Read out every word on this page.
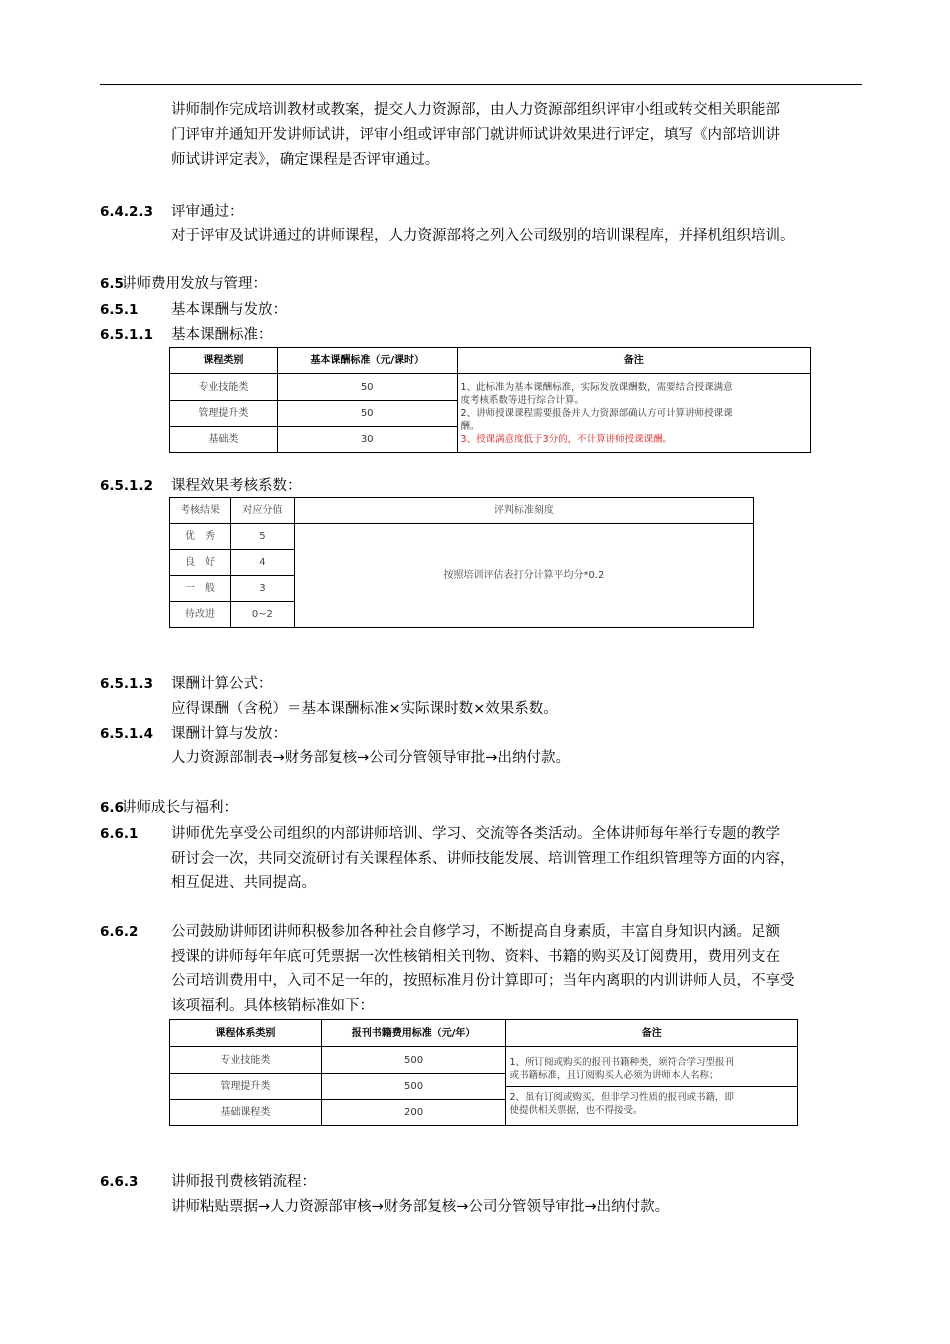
讲师制作完成培训教材或教案，提交人力资源部，由人力资源部组织评审小组或转交相关职能部
门评审并通知开发讲师试讲，评审小组或评审部门就讲师试讲效果进行评定，填写《内部培训讲
师试讲评定表》，确定课程是否评审通过。
6.4.2.3 评审通过：
对于评审及试讲通过的讲师课程，人力资源部将之列入公司级别的培训课程库，并择机组织培训。
6.5
讲师费用发放与管理：
6.5.1 基本课酬与发放：
6.5.1.1 基本课酬标准：
课程类别	基本课酬标准（元/课时）	备注
专业技能类	50	1、此标准为基本课酬标准，实际发放课酬数，需要结合授课满意
度考核系数等进行综合计算。
2、讲师授课课程需要报备并人力资源部确认方可计算讲师授课课
酬。
3、授课满意度低于3分的，不计算讲师授课课酬。

管理提升类	50	
基础类	30	
6.5.1.2 课程效果考核系数：
考核结果	对应分值	评判标准刻度
优　秀	5	按照培训评估表打分计算平均分*0.2
良　好	4	
一　般	3	
待改进	0~2	
6.5.1.3 课酬计算公式：
应得课酬（含税）＝基本课酬标准×实际课时数×效果系数。
6.5.1.4 课酬计算与发放：
人力资源部制表→财务部复核→公司分管领导审批→出纳付款。
6.6
讲师成长与福利：
6.6.1 讲师优先享受公司组织的内部讲师培训、学习、交流等各类活动。全体讲师每年举行专题的教学
研讨会一次，共同交流研讨有关课程体系、讲师技能发展、培训管理工作组织管理等方面的内容，
相互促进、共同提高。
6.6.2 公司鼓励讲师团讲师积极参加各种社会自修学习，不断提高自身素质，丰富自身知识内涵。足额
授课的讲师每年年底可凭票据一次性核销相关刊物、资料、书籍的购买及订阅费用，费用列支在
公司培训费用中，入司不足一年的，按照标准月份计算即可；当年内离职的内训讲师人员，不享受
该项福利。具体核销标准如下：
课程体系类别	报刊书籍费用标准（元/年）	备注
专业技能类	500	1、所订阅或购买的报刊书籍种类，须符合学习型报刊
或书籍标准，且订阅购买人必须为讲师本人名称；
2、虽有订阅或购买，但非学习性质的报刊或书籍，即
使提供相关票据，也不得接受。

管理提升类	500	
基础课程类	200	
6.6.3 讲师报刊费核销流程：
讲师粘贴票据→人力资源部审核→财务部复核→公司分管领导审批→出纳付款。
